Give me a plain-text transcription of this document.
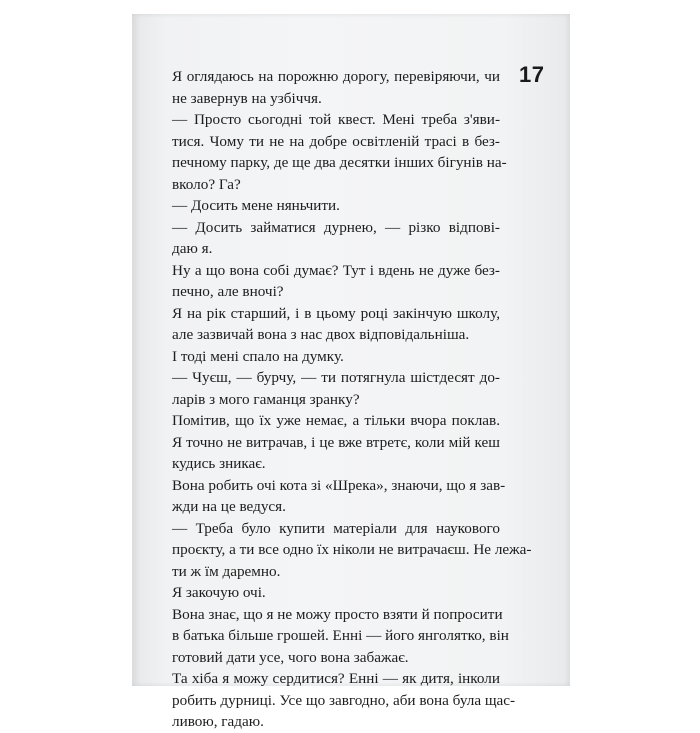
17
Я оглядаюсь на порожню дорогу, перевіряючи, чи
не завернув на узбіччя.
— Просто сьогодні той квест. Мені треба з'яви-
тися. Чому ти не на добре освітленій трасі в без-
печному парку, де ще два десятки інших бігунів на-
вколо? Га?
— Досить мене няньчити.
— Досить займатися дурнею, — різко відпові-
даю я.
Ну а що вона собі думає? Тут і вдень не дуже без-
печно, але вночі?
Я на рік старший, і в цьому році закінчую школу,
але зазвичай вона з нас двох відповідальніша.
І тоді мені спало на думку.
— Чуєш, — бурчу, — ти потягнула шістдесят до-
ларів з мого гаманця зранку?
Помітив, що їх уже немає, а тільки вчора поклав.
Я точно не витрачав, і це вже втретє, коли мій кеш
кудись зникає.
Вона робить очі кота зі «Шрека», знаючи, що я зав-
жди на це ведуся.
— Треба було купити матеріали для наукового
проєкту, а ти все одно їх ніколи не витрачаєш. Не лежа-
ти ж їм даремно.
Я закочую очі.
Вона знає, що я не можу просто взяти й попросити
в батька більше грошей. Енні — його янголятко, він
готовий дати усе, чого вона забажає.
Та хіба я можу сердитися? Енні — як дитя, інколи
робить дурниці. Усе що завгодно, аби вона була щас-
ливою, гадаю.
